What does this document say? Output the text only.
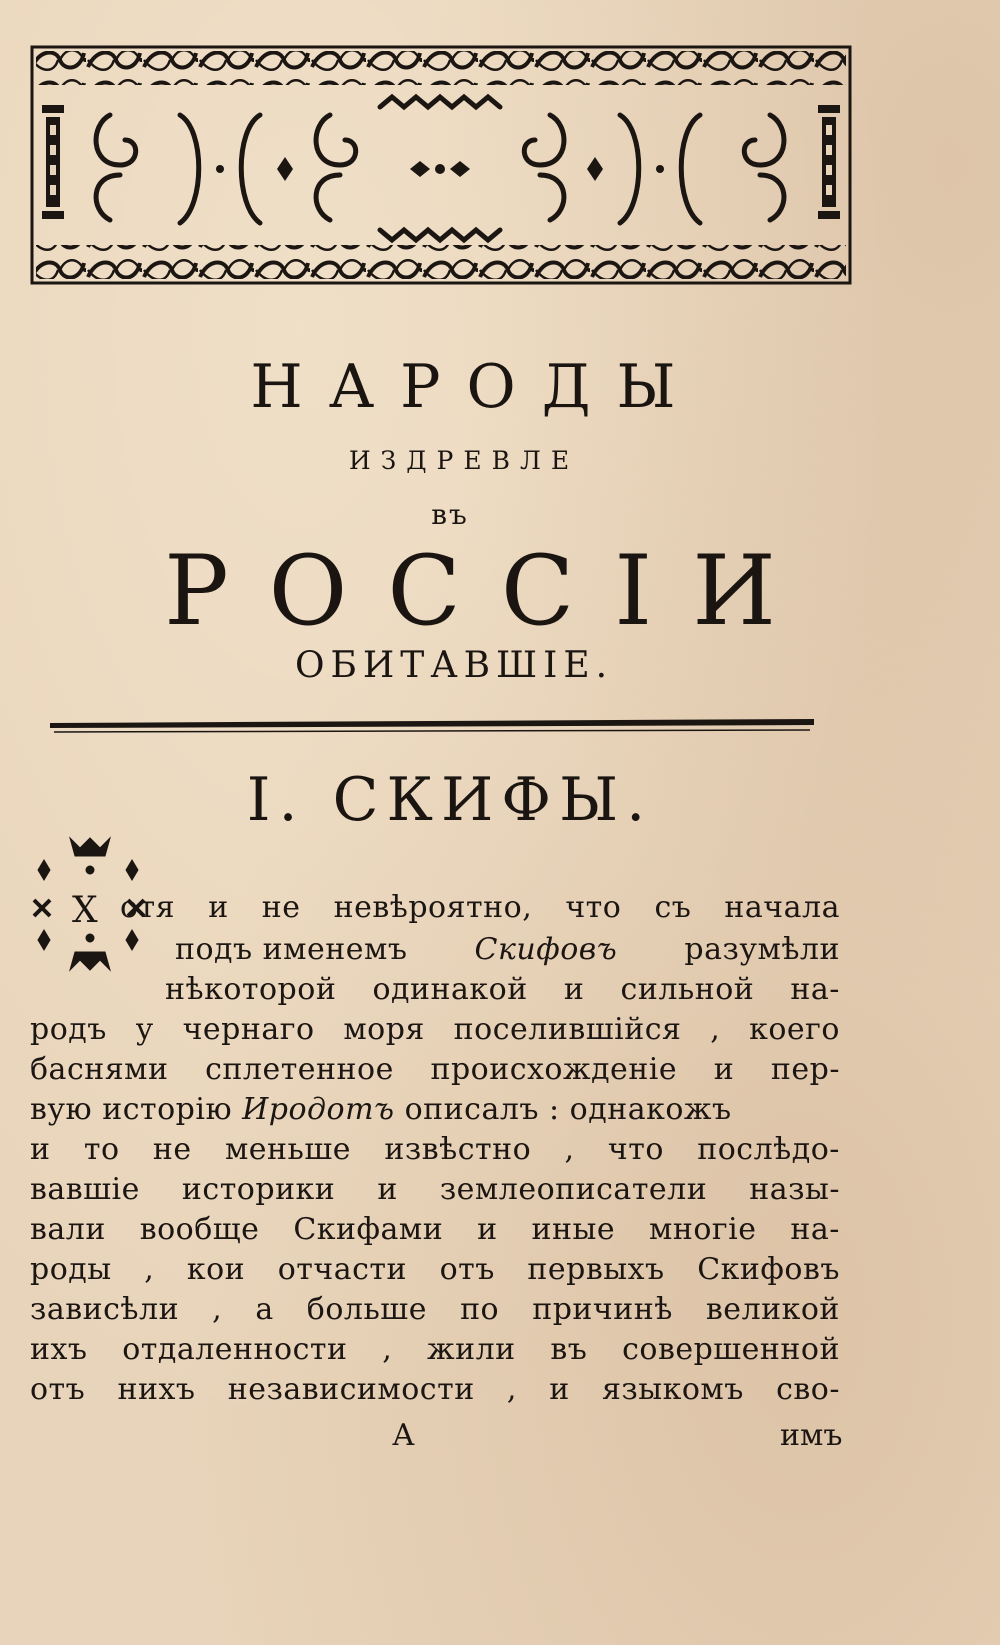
НАРОДЫ
издревле
въ
РОССІИ
ОБИТАВШІЕ.
І. СКИФЫ.
Х отя и не невѣроятно, что съ начала
подъ именемъ Скифовъ разумѣли
нѣкоторой одинакой и сильной на-
родъ у чернаго моря поселившійся , коего
баснями сплетенное происхожденіе и пер-
вую исторію Иродотъ описалъ : однакожъ
и то не меньше извѣстно , что послѣдо-
вавшіе историки и землеописатели назы-
вали вообще Скифами и иные многіе на-
роды , кои отчасти отъ первыхъ Скифовъ
зависѣли , а больше по причинѣ великой
ихъ отдаленности , жили въ совершенной
отъ нихъ независимости , и языкомъ сво-
А	имъ
